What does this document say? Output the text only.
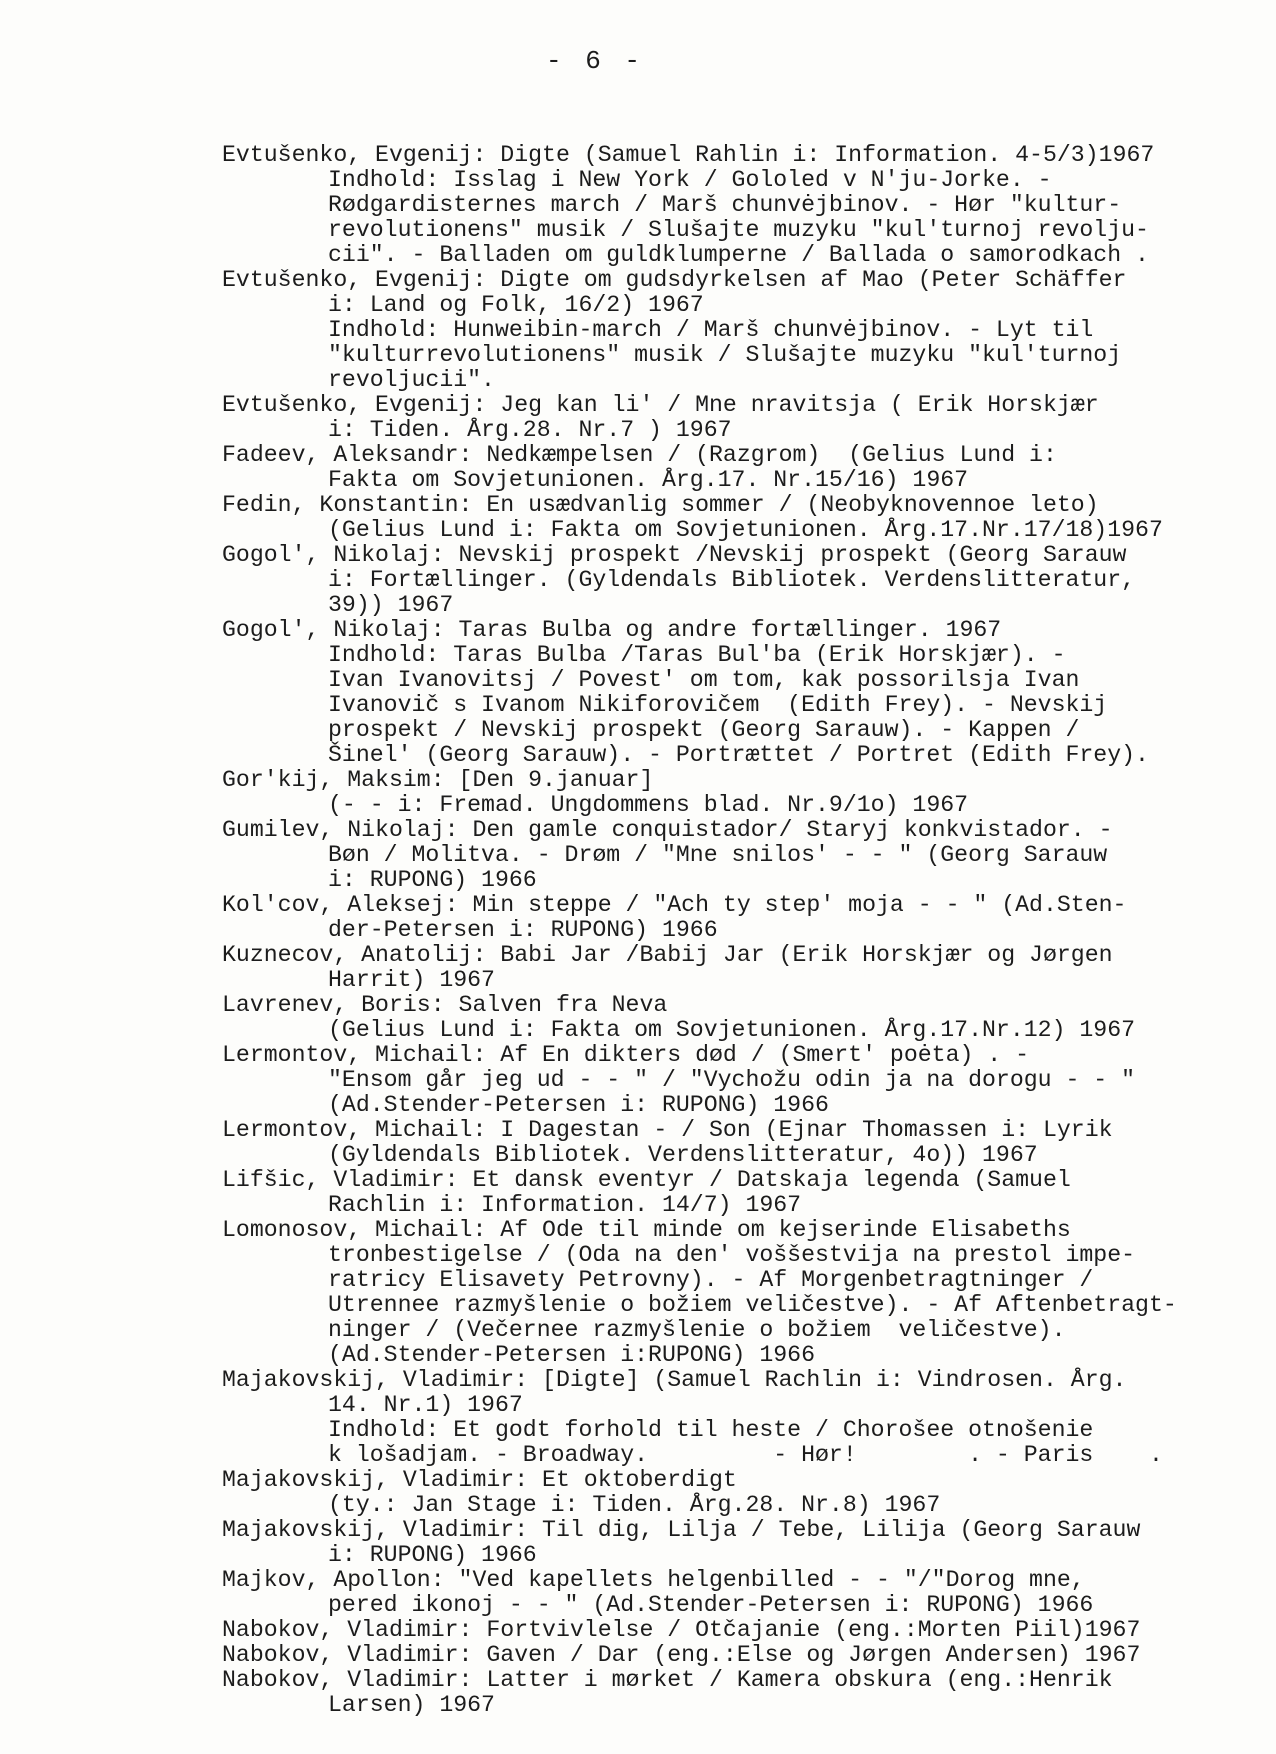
- 6 -
Evtušenko, Evgenij: Digte (Samuel Rahlin i: Information. 4-5/3)1967
Indhold: Isslag i New York / Gololed v N'ju-Jorke. -
Rødgardisternes march / Marš chunvėjbinov. - Hør "kultur-
revolutionens" musik / Slušajte muzyku "kul'turnoj revolju-
cii". - Balladen om guldklumperne / Ballada o samorodkach .
Evtušenko, Evgenij: Digte om gudsdyrkelsen af Mao (Peter Schäffer
i: Land og Folk, 16/2) 1967
Indhold: Hunweibin-march / Marš chunvėjbinov. - Lyt til
"kulturrevolutionens" musik / Slušajte muzyku "kul'turnoj
revoljucii".
Evtušenko, Evgenij: Jeg kan li' / Mne nravitsja ( Erik Horskjær
i: Tiden. Årg.28. Nr.7 ) 1967
Fadeev, Aleksandr: Nedkæmpelsen / (Razgrom)  (Gelius Lund i:
Fakta om Sovjetunionen. Årg.17. Nr.15/16) 1967
Fedin, Konstantin: En usædvanlig sommer / (Neobyknovennoe leto)
(Gelius Lund i: Fakta om Sovjetunionen. Årg.17.Nr.17/18)1967
Gogol', Nikolaj: Nevskij prospekt /Nevskij prospekt (Georg Sarauw
i: Fortællinger. (Gyldendals Bibliotek. Verdenslitteratur,
39)) 1967
Gogol', Nikolaj: Taras Bulba og andre fortællinger. 1967
Indhold: Taras Bulba /Taras Bul'ba (Erik Horskjær). -
Ivan Ivanovitsj / Povest' om tom, kak possorilsja Ivan
Ivanovič s Ivanom Nikiforovičem  (Edith Frey). - Nevskij
prospekt / Nevskij prospekt (Georg Sarauw). - Kappen /
Šinel' (Georg Sarauw). - Portrættet / Portret (Edith Frey).
Gor'kij, Maksim: [Den 9.januar]
(- - i: Fremad. Ungdommens blad. Nr.9/1o) 1967
Gumilev, Nikolaj: Den gamle conquistador/ Staryj konkvistador. -
Bøn / Molitva. - Drøm / "Mne snilos' - - " (Georg Sarauw
i: RUPONG) 1966
Kol'cov, Aleksej: Min steppe / "Ach ty step' moja - - " (Ad.Sten-
der-Petersen i: RUPONG) 1966
Kuznecov, Anatolij: Babi Jar /Babij Jar (Erik Horskjær og Jørgen
Harrit) 1967
Lavrenev, Boris: Salven fra Neva
(Gelius Lund i: Fakta om Sovjetunionen. Årg.17.Nr.12) 1967
Lermontov, Michail: Af En dikters død / (Smert' poėta) . -
"Ensom går jeg ud - - " / "Vychožu odin ja na dorogu - - "
(Ad.Stender-Petersen i: RUPONG) 1966
Lermontov, Michail: I Dagestan - / Son (Ejnar Thomassen i: Lyrik
(Gyldendals Bibliotek. Verdenslitteratur, 4o)) 1967
Lifšic, Vladimir: Et dansk eventyr / Datskaja legenda (Samuel
Rachlin i: Information. 14/7) 1967
Lomonosov, Michail: Af Ode til minde om kejserinde Elisabeths
tronbestigelse / (Oda na den' voššestvija na prestol impe-
ratricy Elisavety Petrovny). - Af Morgenbetragtninger /
Utrennee razmyšlenie o božiem veličestve). - Af Aftenbetragt-
ninger / (Večernee razmyšlenie o božiem  veličestve).
(Ad.Stender-Petersen i:RUPONG) 1966
Majakovskij, Vladimir: [Digte] (Samuel Rachlin i: Vindrosen. Årg.
14. Nr.1) 1967
Indhold: Et godt forhold til heste / Chorošee otnošenie
k lošadjam. - Broadway.         - Hør!        . - Paris    .
Majakovskij, Vladimir: Et oktoberdigt
(ty.: Jan Stage i: Tiden. Årg.28. Nr.8) 1967
Majakovskij, Vladimir: Til dig, Lilja / Tebe, Lilija (Georg Sarauw
i: RUPONG) 1966
Majkov, Apollon: "Ved kapellets helgenbilled - - "/"Dorog mne,
pered ikonoj - - " (Ad.Stender-Petersen i: RUPONG) 1966
Nabokov, Vladimir: Fortvivlelse / Otčajanie (eng.:Morten Piil)1967
Nabokov, Vladimir: Gaven / Dar (eng.:Else og Jørgen Andersen) 1967
Nabokov, Vladimir: Latter i mørket / Kamera obskura (eng.:Henrik
Larsen) 1967
